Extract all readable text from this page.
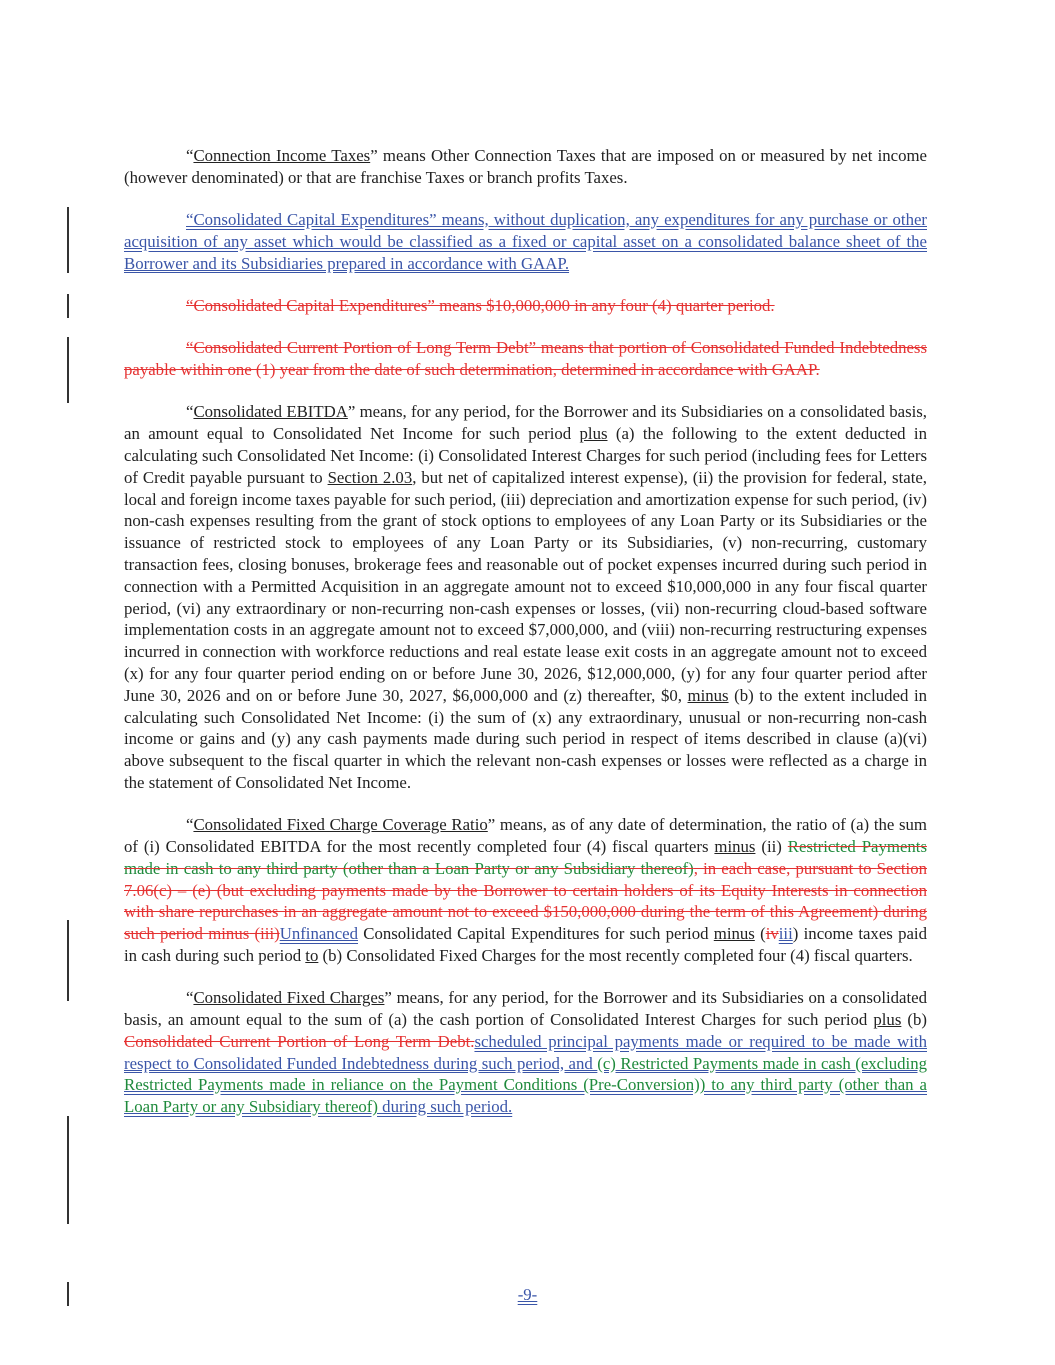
“Connection Income Taxes” means Other Connection Taxes that are imposed on or measured by net income (however denominated) or that are franchise Taxes or branch profits Taxes.

“Consolidated Capital Expenditures” means, without duplication, any expenditures for any purchase or other acquisition of any asset which would be classified as a fixed or capital asset on a consolidated balance sheet of the Borrower and its Subsidiaries prepared in accordance with GAAP.

“Consolidated Capital Expenditures” means $10,000,000 in any four (4) quarter period.

“Consolidated Current Portion of Long Term Debt” means that portion of Consolidated Funded Indebtedness payable within one (1) year from the date of such determination, determined in accordance with GAAP.

“Consolidated EBITDA” means, for any period, for the Borrower and its Subsidiaries on a consolidated basis, an amount equal to Consolidated Net Income for such period plus (a) the following to the extent deducted in calculating such Consolidated Net Income: (i) Consolidated Interest Charges for such period (including fees for Letters of Credit payable pursuant to Section 2.03, but net of capitalized interest expense), (ii) the provision for federal, state, local and foreign income taxes payable for such period, (iii) depreciation and amortization expense for such period, (iv) non-cash expenses resulting from the grant of stock options to employees of any Loan Party or its Subsidiaries or the issuance of restricted stock to employees of any Loan Party or its Subsidiaries, (v) non-recurring, customary transaction fees, closing bonuses, brokerage fees and reasonable out of pocket expenses incurred during such period in connection with a Permitted Acquisition in an aggregate amount not to exceed $10,000,000 in any four fiscal quarter period, (vi) any extraordinary or non-recurring non-cash expenses or losses, (vii) non-recurring cloud-based software implementation costs in an aggregate amount not to exceed $7,000,000, and (viii) non-recurring restructuring expenses incurred in connection with workforce reductions and real estate lease exit costs in an aggregate amount not to exceed (x) for any four quarter period ending on or before June 30, 2026, $12,000,000, (y) for any four quarter period after June 30, 2026 and on or before June 30, 2027, $6,000,000 and (z) thereafter, $0, minus (b) to the extent included in calculating such Consolidated Net Income: (i) the sum of (x) any extraordinary, unusual or non-recurring non-cash income or gains and (y) any cash payments made during such period in respect of items described in clause (a)(vi) above subsequent to the fiscal quarter in which the relevant non-cash expenses or losses were reflected as a charge in the statement of Consolidated Net Income.

“Consolidated Fixed Charge Coverage Ratio” means, as of any date of determination, the ratio of (a) the sum of (i) Consolidated EBITDA for the most recently completed four (4) fiscal quarters minus (ii) Restricted Payments made in cash to any third party (other than a Loan Party or any Subsidiary thereof), in each case, pursuant to Section 7.06(c) – (e) (but excluding payments made by the Borrower to certain holders of its Equity Interests in connection with share repurchases in an aggregate amount not to exceed $150,000,000 during the term of this Agreement) during such period minus (iii)Unfinanced Consolidated Capital Expenditures for such period minus (iviii) income taxes paid in cash during such period to (b) Consolidated Fixed Charges for the most recently completed four (4) fiscal quarters.

“Consolidated Fixed Charges” means, for any period, for the Borrower and its Subsidiaries on a consolidated basis, an amount equal to the sum of (a) the cash portion of Consolidated Interest Charges for such period plus (b) Consolidated Current Portion of Long Term Debt.scheduled principal payments made or required to be made with respect to Consolidated Funded Indebtedness during such period, and (c) Restricted Payments made in cash (excluding Restricted Payments made in reliance on the Payment Conditions (Pre-Conversion)) to any third party (other than a Loan Party or any Subsidiary thereof) during such period.

-9-
